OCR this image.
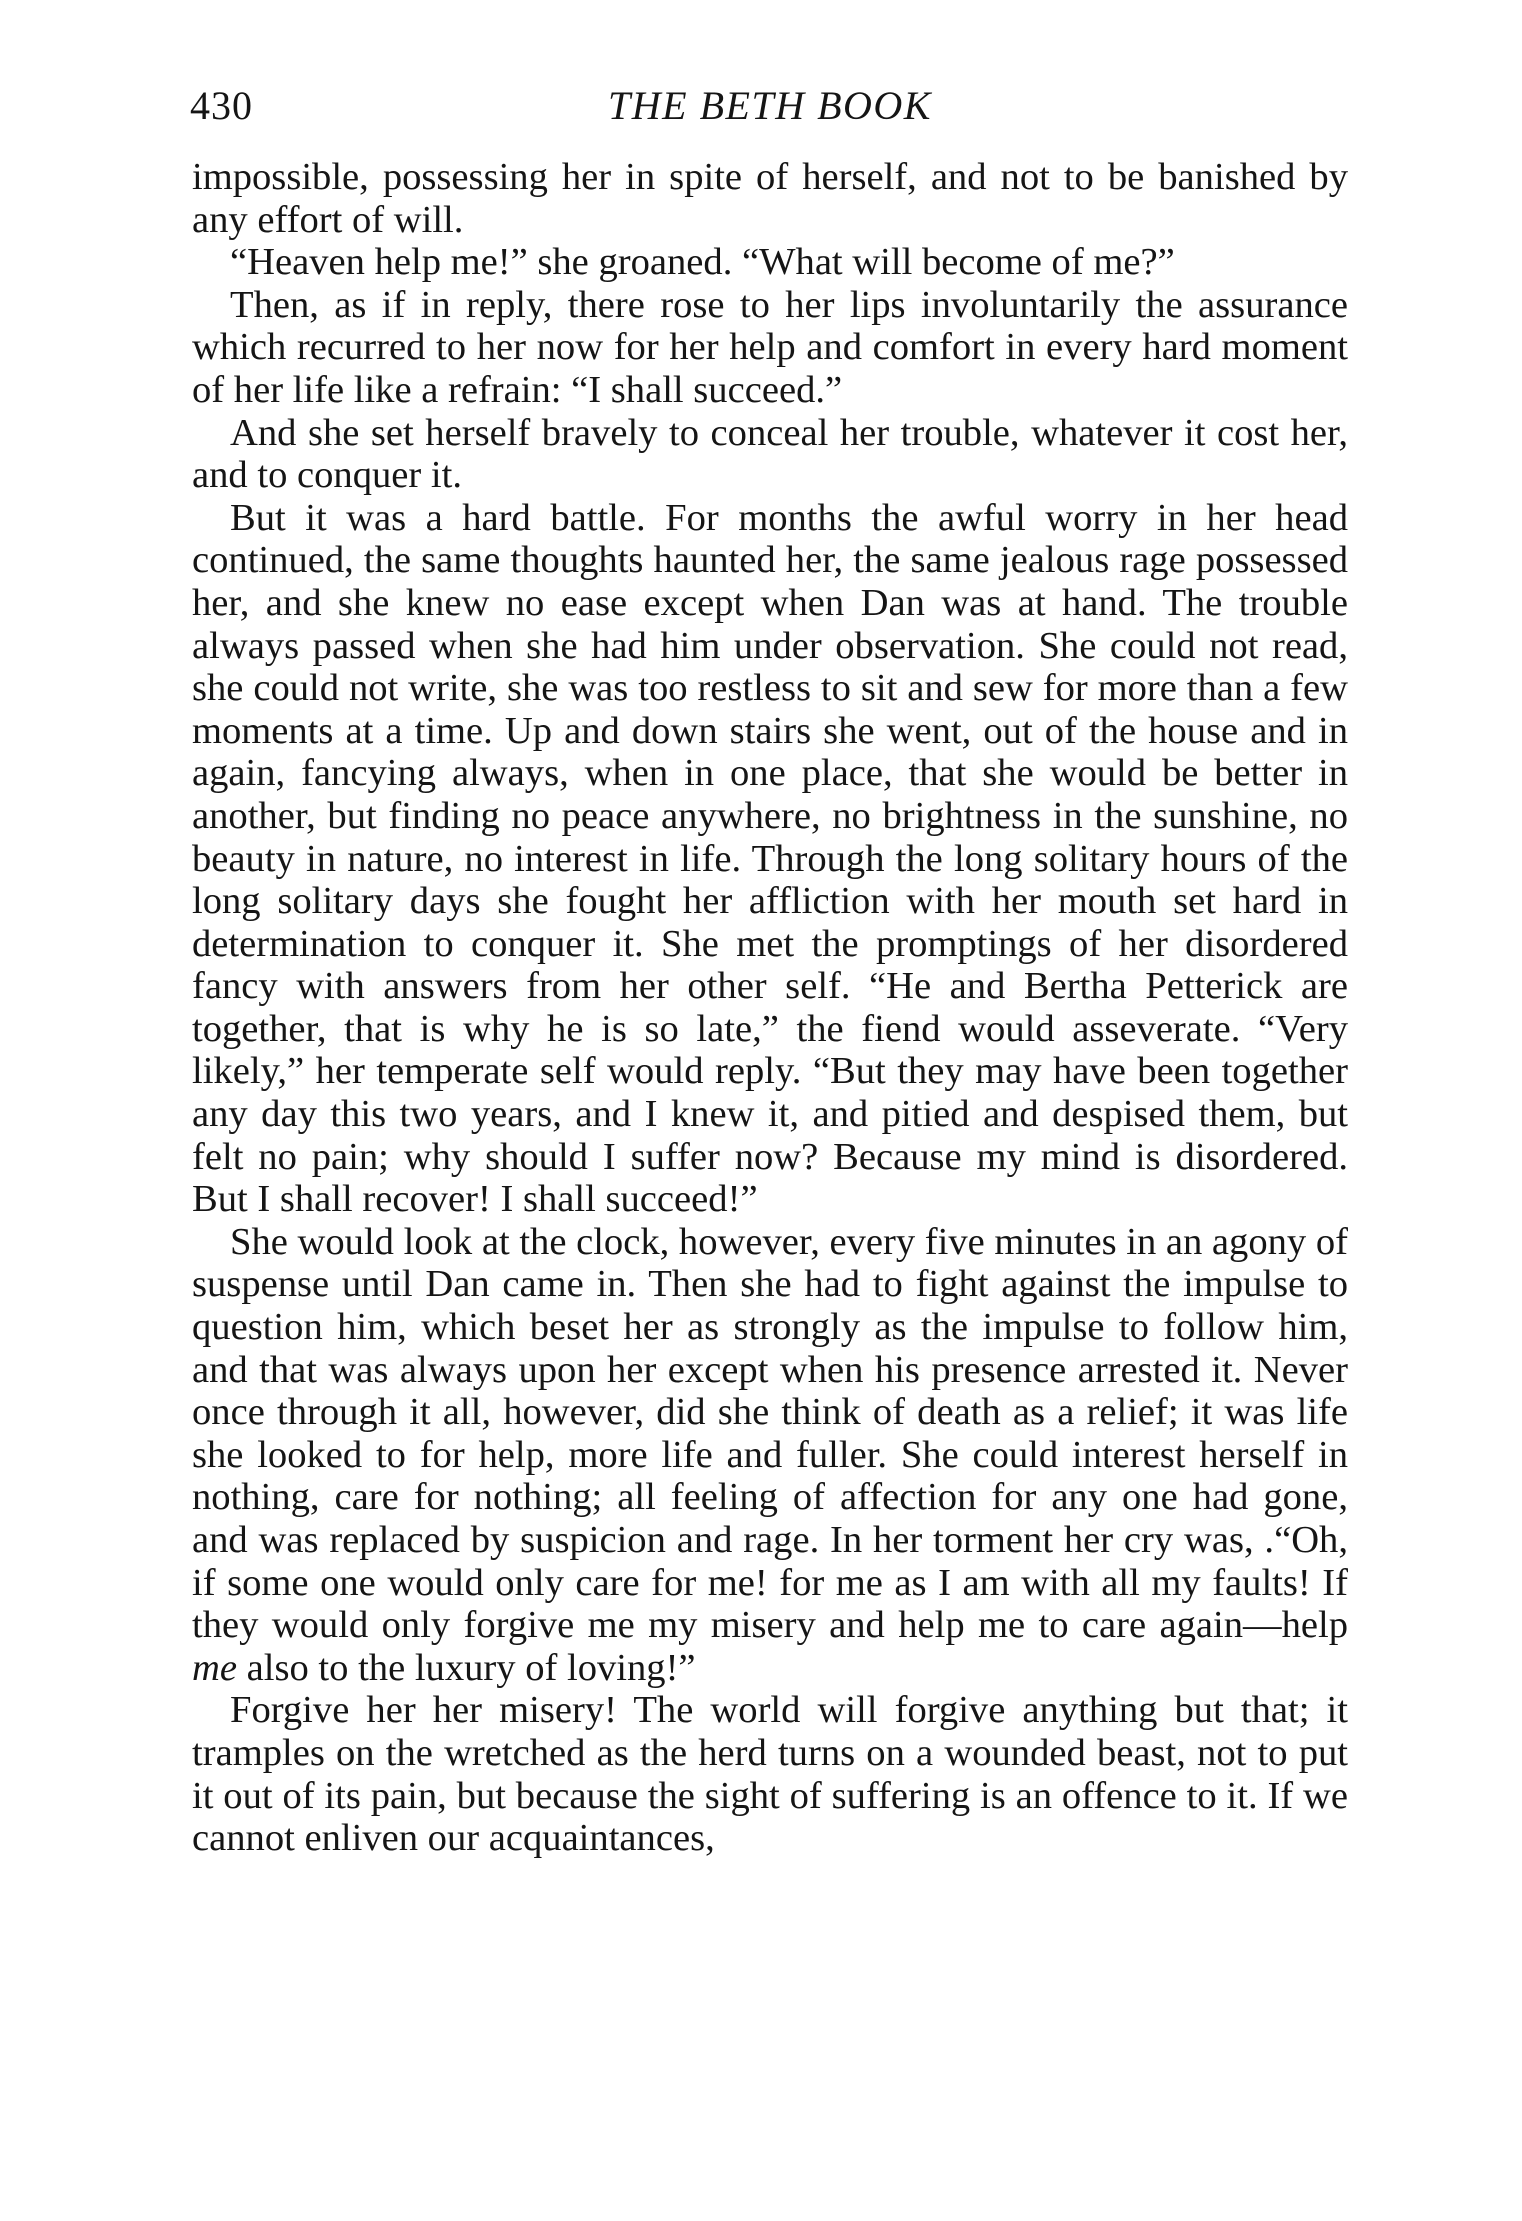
430	THE BETH BOOK

impossible, possessing her in spite of herself, and not to be banished by any effort of will.

“Heaven help me!” she groaned. “What will become of me?”

Then, as if in reply, there rose to her lips involuntarily the assurance which recurred to her now for her help and comfort in every hard moment of her life like a refrain: “I shall succeed.”

And she set herself bravely to conceal her trouble, whatever it cost her, and to conquer it.

But it was a hard battle. For months the awful worry in her head continued, the same thoughts haunted her, the same jealous rage possessed her, and she knew no ease except when Dan was at hand. The trouble always passed when she had him under observation. She could not read, she could not write, she was too restless to sit and sew for more than a few moments at a time. Up and down stairs she went, out of the house and in again, fancying always, when in one place, that she would be better in another, but finding no peace anywhere, no brightness in the sunshine, no beauty in nature, no interest in life. Through the long solitary hours of the long solitary days she fought her affliction with her mouth set hard in determination to conquer it. She met the promptings of her disordered fancy with answers from her other self. “He and Bertha Petterick are together, that is why he is so late,” the fiend would asseverate. “Very likely,” her temperate self would reply. “But they may have been together any day this two years, and I knew it, and pitied and despised them, but felt no pain; why should I suffer now? Because my mind is disordered. But I shall recover! I shall succeed!”

She would look at the clock, however, every five minutes in an agony of suspense until Dan came in. Then she had to fight against the impulse to question him, which beset her as strongly as the impulse to follow him, and that was always upon her except when his presence arrested it. Never once through it all, however, did she think of death as a relief; it was life she looked to for help, more life and fuller. She could interest herself in nothing, care for nothing; all feeling of affection for any one had gone, and was replaced by suspicion and rage. In her torment her cry was, .“Oh, if some one would only care for me! for me as I am with all my faults! If they would only forgive me my misery and help me to care again—help me also to the luxury of loving!”

Forgive her her misery! The world will forgive anything but that; it tramples on the wretched as the herd turns on a wounded beast, not to put it out of its pain, but because the sight of suffering is an offence to it. If we cannot enliven our acquaintances,
